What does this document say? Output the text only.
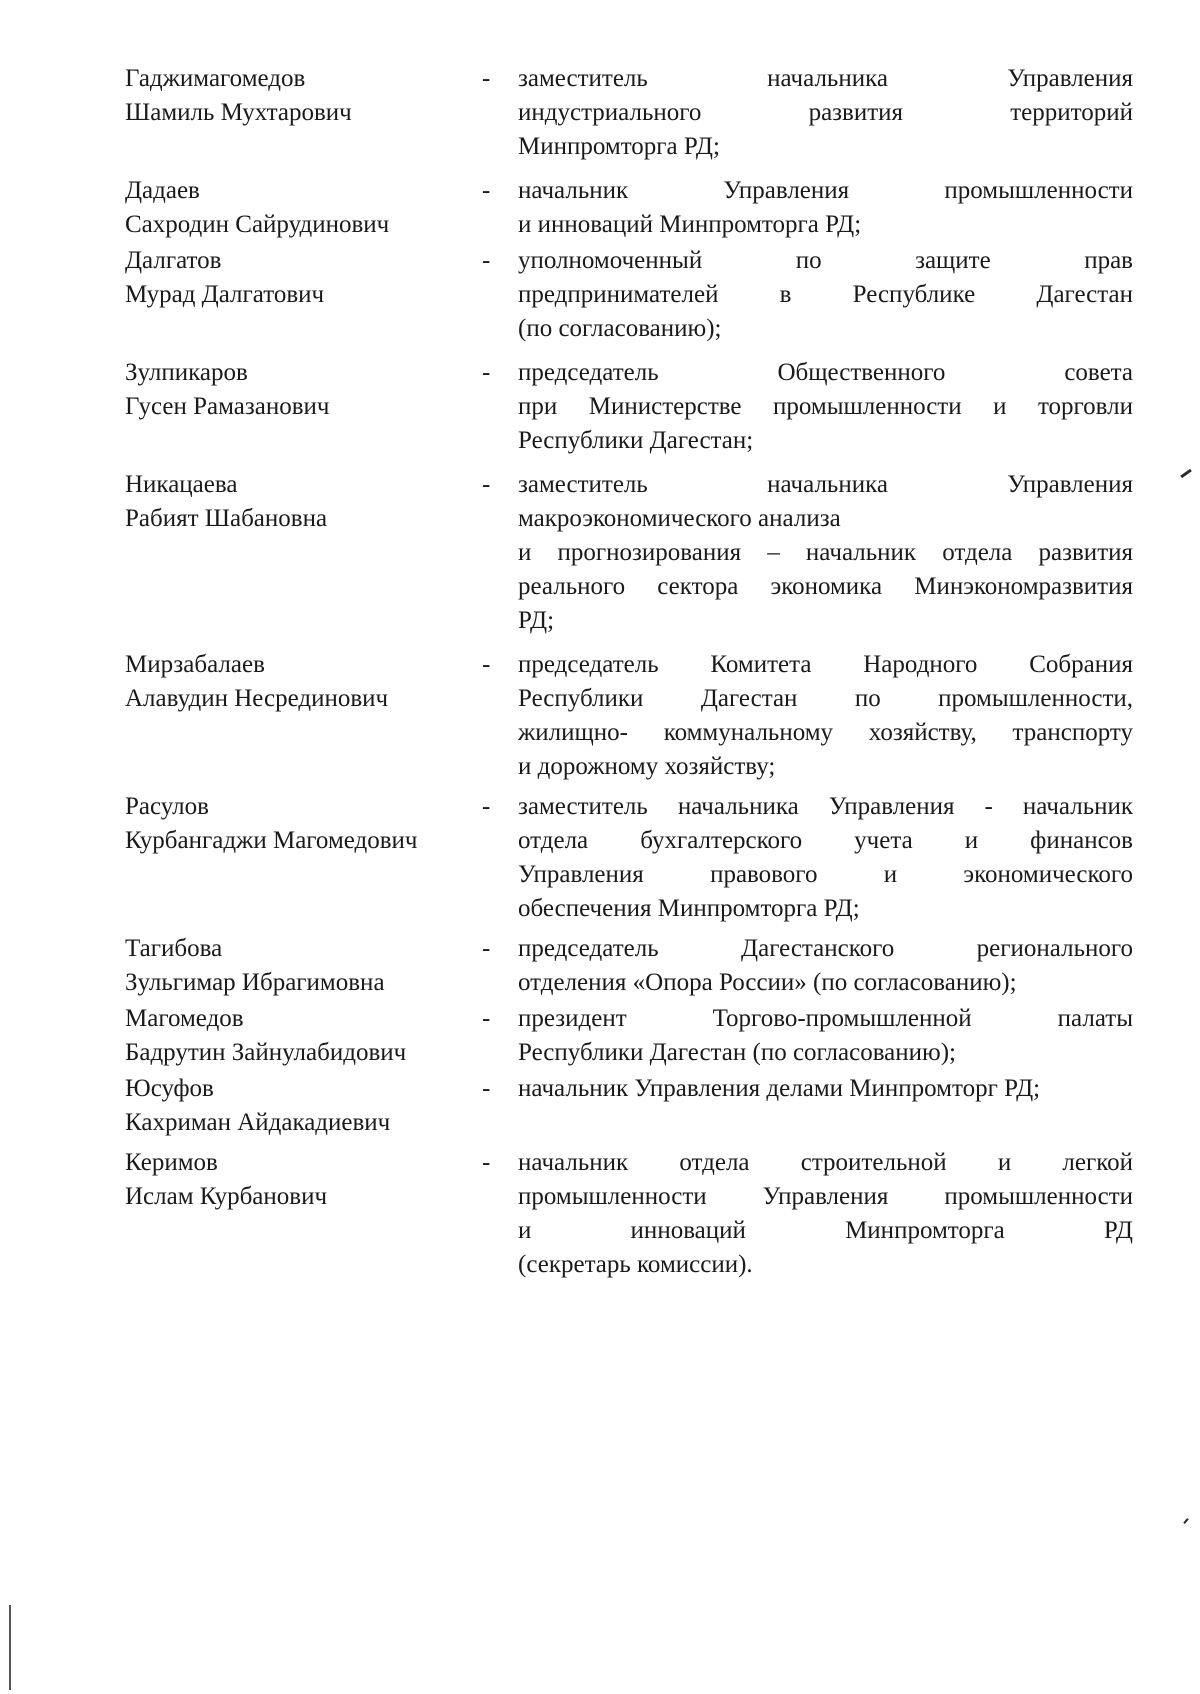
Гаджимагомедов
Шамиль Мухтарович
-	заместитель начальника Управления
индустриального развития территорий
Минпромторга РД;
Дадаев
Сахродин Сайрудинович
-	начальник Управления промышленности
и инноваций Минпромторга РД;
Далгатов
Мурад Далгатович
-	уполномоченный по защите прав
предпринимателей в Республике Дагестан
(по согласованию);
Зулпикаров
Гусен Рамазанович
-	председатель Общественного совета
при Министерстве промышленности и торговли
Республики Дагестан;
Никацаева
Рабият Шабановна
-	заместитель начальника Управления
макроэкономического анализа
и прогнозирования – начальник отдела развития
реального сектора экономика Минэкономразвития
РД;
Мирзабалаев
Алавудин Несрединович
-	председатель Комитета Народного Собрания
Республики Дагестан по промышленности,
жилищно- коммунальному хозяйству, транспорту
и дорожному хозяйству;
Расулов
Курбангаджи Магомедович
-	заместитель начальника Управления - начальник
отдела бухгалтерского учета и финансов
Управления правового и экономического
обеспечения Минпромторга РД;
Тагибова
Зульгимар Ибрагимовна
-	председатель Дагестанского регионального
отделения «Опора России» (по согласованию);
Магомедов
Бадрутин Зайнулабидович
-	президент Торгово-промышленной палаты
Республики Дагестан (по согласованию);
Юсуфов
Кахриман Айдакадиевич
-	начальник Управления делами Минпромторг РД;
Керимов
Ислам Курбанович
-	начальник отдела строительной и легкой
промышленности Управления промышленности
и инноваций Минпромторга РД
(секретарь комиссии).
